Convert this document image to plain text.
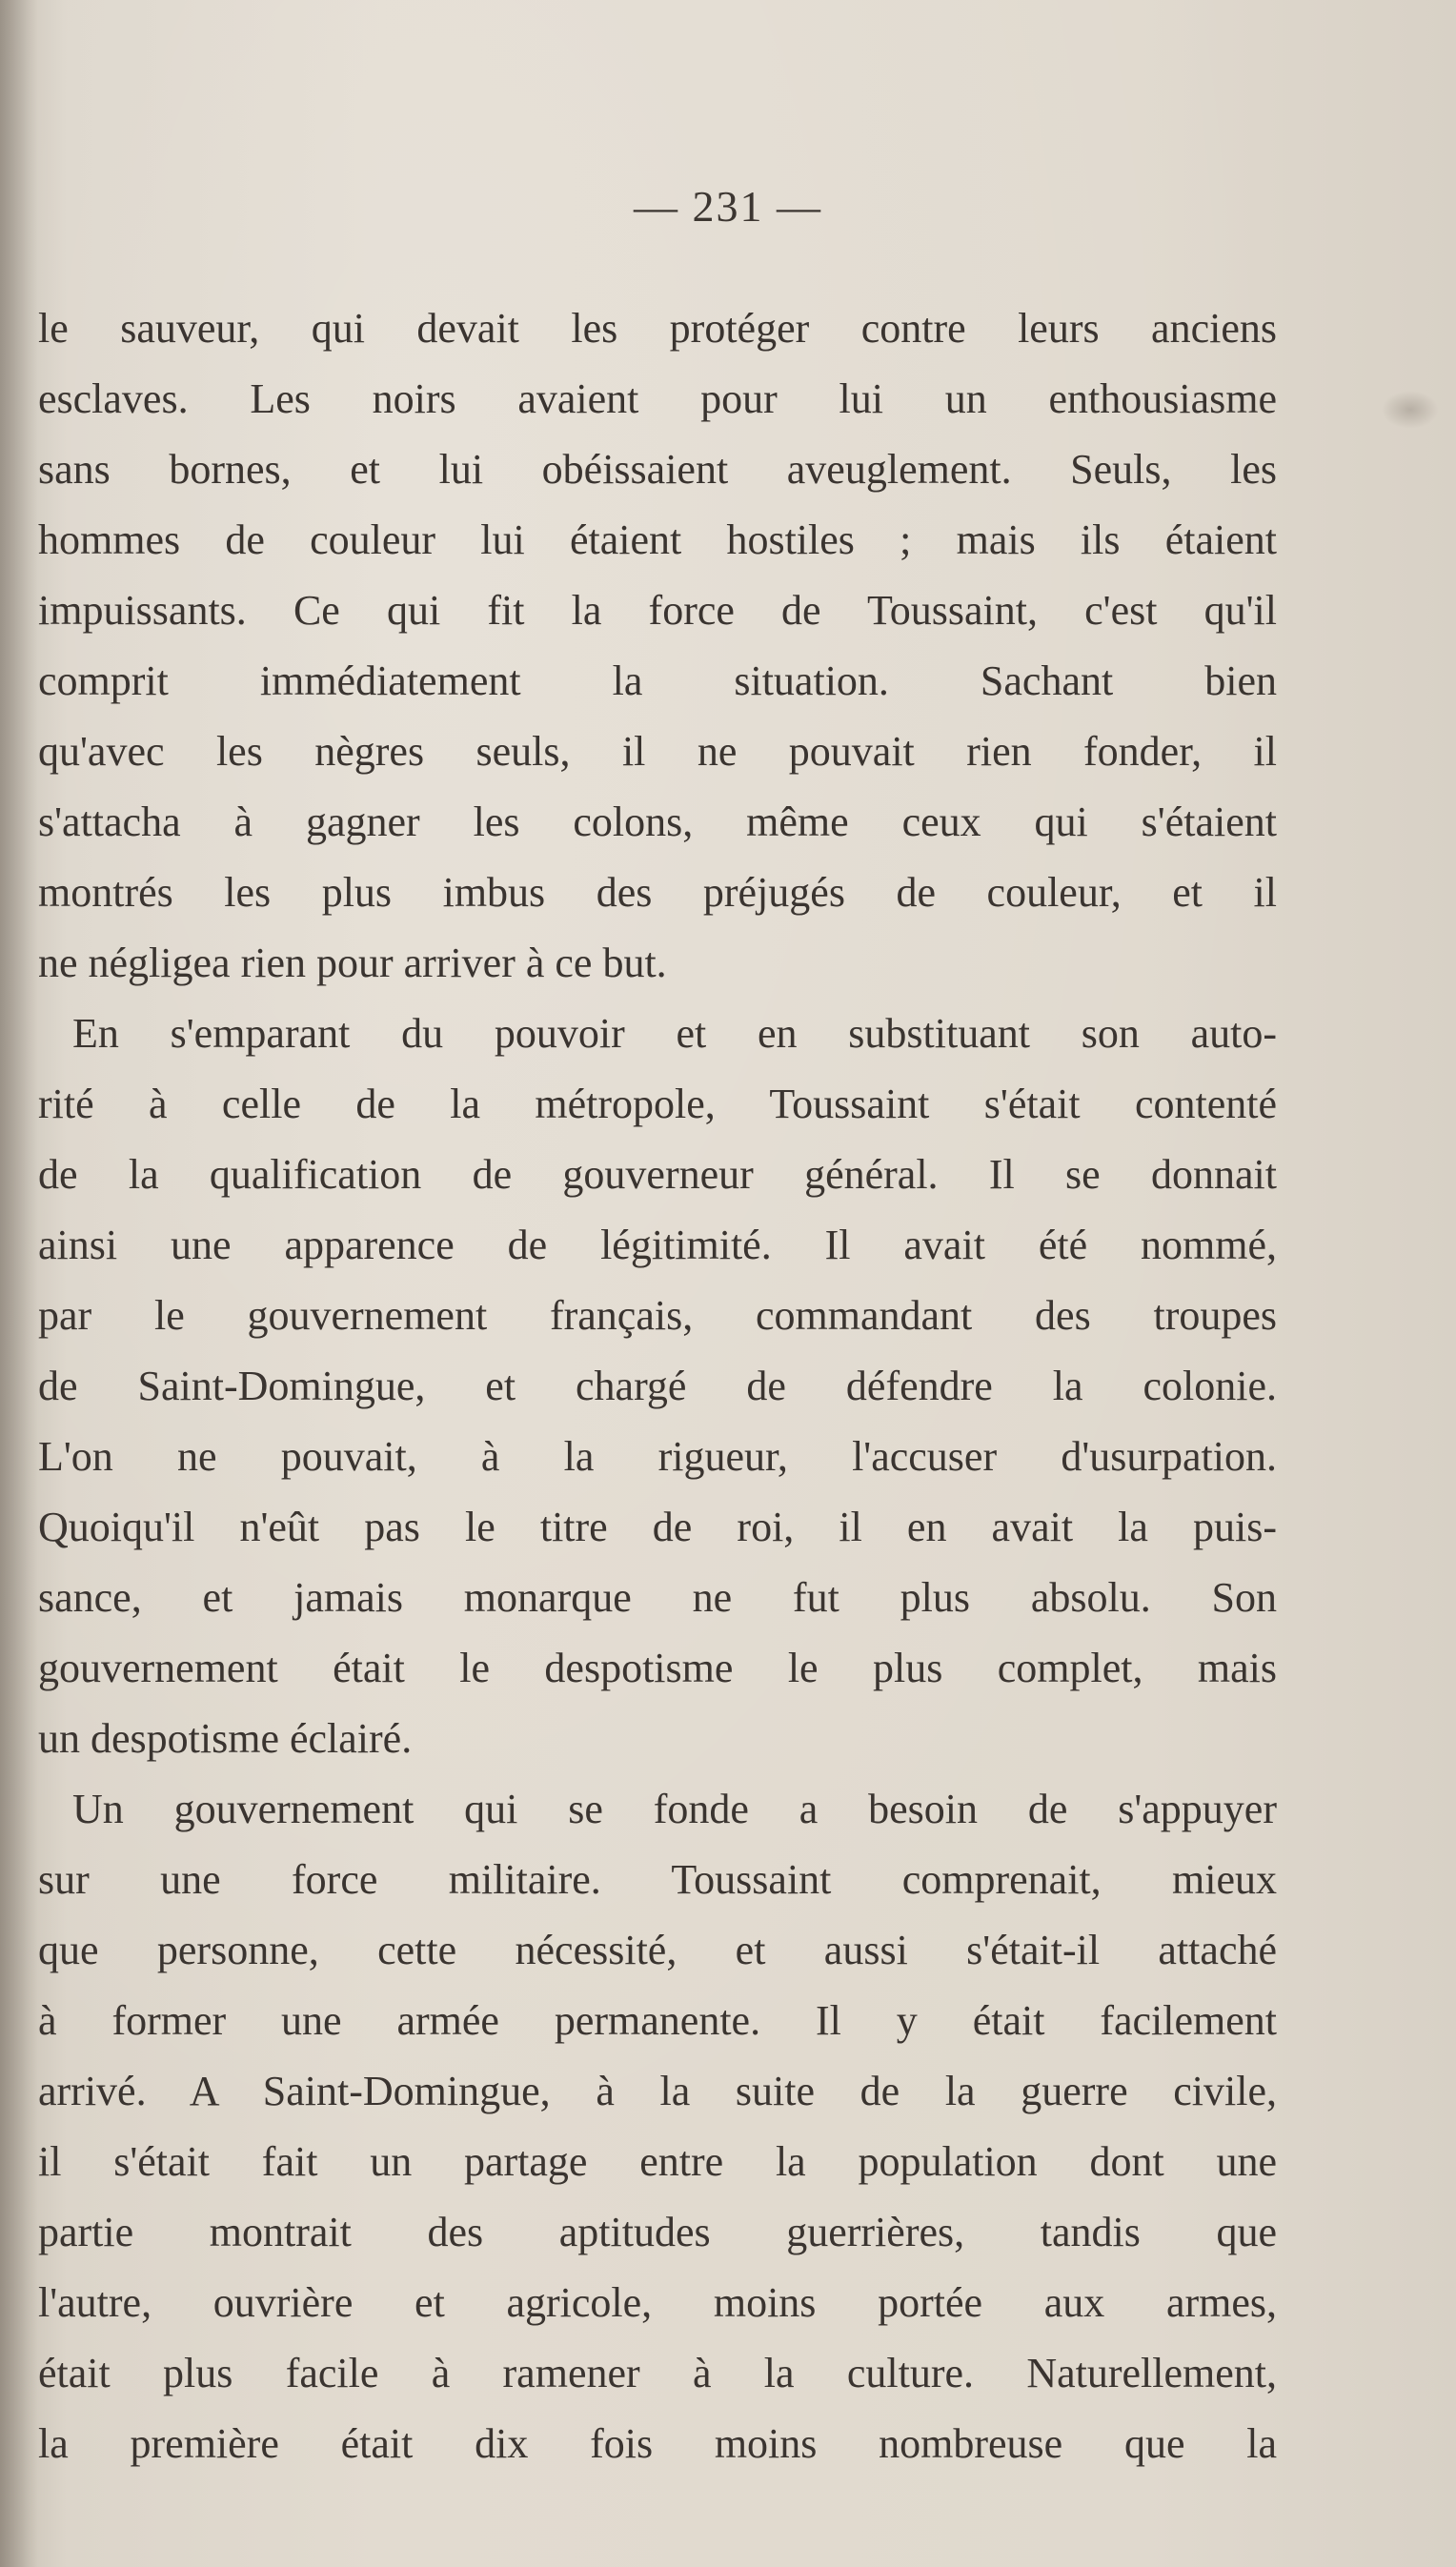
— 231 —
le sauveur, qui devait les protéger contre leurs anciens
esclaves. Les noirs avaient pour lui un enthousiasme
sans bornes, et lui obéissaient aveuglement. Seuls, les
hommes de couleur lui étaient hostiles ; mais ils étaient
impuissants. Ce qui fit la force de Toussaint, c'est qu'il
comprit immédiatement la situation. Sachant bien
qu'avec les nègres seuls, il ne pouvait rien fonder, il
s'attacha à gagner les colons, même ceux qui s'étaient
montrés les plus imbus des préjugés de couleur, et il
ne négligea rien pour arriver à ce but.
En s'emparant du pouvoir et en substituant son auto-
rité à celle de la métropole, Toussaint s'était contenté
de la qualification de gouverneur général. Il se donnait
ainsi une apparence de légitimité. Il avait été nommé,
par le gouvernement français, commandant des troupes
de Saint-Domingue, et chargé de défendre la colonie.
L'on ne pouvait, à la rigueur, l'accuser d'usurpation.
Quoiqu'il n'eût pas le titre de roi, il en avait la puis-
sance, et jamais monarque ne fut plus absolu. Son
gouvernement était le despotisme le plus complet, mais
un despotisme éclairé.
Un gouvernement qui se fonde a besoin de s'appuyer
sur une force militaire. Toussaint comprenait, mieux
que personne, cette nécessité, et aussi s'était-il attaché
à former une armée permanente. Il y était facilement
arrivé. A Saint-Domingue, à la suite de la guerre civile,
il s'était fait un partage entre la population dont une
partie montrait des aptitudes guerrières, tandis que
l'autre, ouvrière et agricole, moins portée aux armes,
était plus facile à ramener à la culture. Naturellement,
la première était dix fois moins nombreuse que la
